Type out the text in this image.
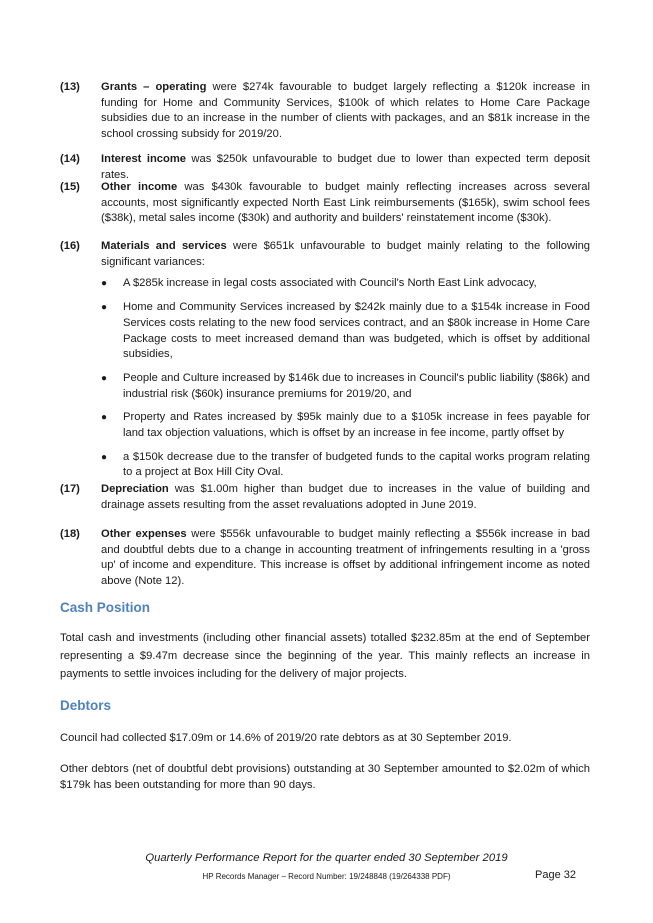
(13)	Grants – operating were $274k favourable to budget largely reflecting a $120k increase in funding for Home and Community Services, $100k of which relates to Home Care Package subsidies due to an increase in the number of clients with packages, and an $81k increase in the school crossing subsidy for 2019/20.
(14)	Interest income was $250k unfavourable to budget due to lower than expected term deposit rates.
(15)	Other income was $430k favourable to budget mainly reflecting increases across several accounts, most significantly expected North East Link reimbursements ($165k), swim school fees ($38k), metal sales income ($30k) and authority and builders' reinstatement income ($30k).
(16)	Materials and services were $651k unfavourable to budget mainly relating to the following significant variances:
●	A $285k increase in legal costs associated with Council's North East Link advocacy,
●	Home and Community Services increased by $242k mainly due to a $154k increase in Food Services costs relating to the new food services contract, and an $80k increase in Home Care Package costs to meet increased demand than was budgeted, which is offset by additional subsidies,
●	People and Culture increased by $146k due to increases in Council's public liability ($86k) and industrial risk ($60k) insurance premiums for 2019/20, and
●	Property and Rates increased by $95k mainly due to a $105k increase in fees payable for land tax objection valuations, which is offset by an increase in fee income, partly offset by
●	a $150k decrease due to the transfer of budgeted funds to the capital works program relating to a project at Box Hill City Oval.
(17)	Depreciation was $1.00m higher than budget due to increases in the value of building and drainage assets resulting from the asset revaluations adopted in June 2019.
(18)	Other expenses were $556k unfavourable to budget mainly reflecting a $556k increase in bad and doubtful debts due to a change in accounting treatment of infringements resulting in a 'gross up' of income and expenditure. This increase is offset by additional infringement income as noted above (Note 12).
Cash Position
Total cash and investments (including other financial assets) totalled $232.85m at the end of September representing a $9.47m decrease since the beginning of the year. This mainly reflects an increase in payments to settle invoices including for the delivery of major projects.
Debtors
Council had collected $17.09m or 14.6% of 2019/20 rate debtors as at 30 September 2019.
Other debtors (net of doubtful debt provisions) outstanding at 30 September amounted to $2.02m of which $179k has been outstanding for more than 90 days.
Quarterly Performance Report for the quarter ended 30 September 2019
HP Records Manager – Record Number: 19/248848 (19/264338 PDF)	Page 32
